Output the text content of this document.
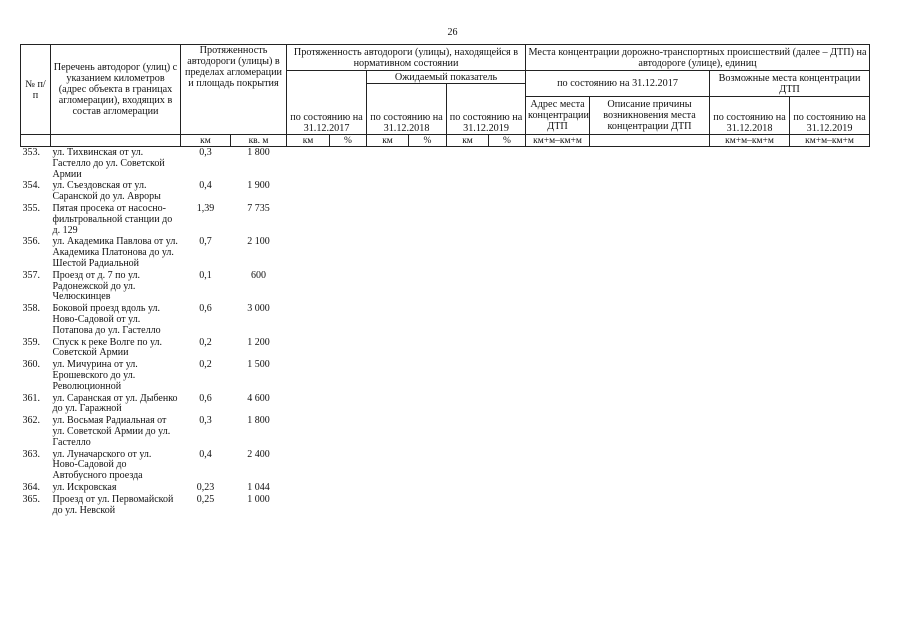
26
№ п/п	Перечень автодорог (улиц) с указанием километров (адрес объекта в границах агломерации), входящих в состав агломерации	Протяженность автодороги (улицы) в пределах агломерации и площадь покрытия		Протяженность автодороги (улицы), находящейся в нормативном состоянии						Места концентрации дорожно-транспортных происшествий (далее – ДТП) на автодороге (улице), единиц			
				по состоянию на 31.12.2017		Ожидаемый показатель				по состоянию на 31.12.2017		Возможные места концентрации ДТП	
						по состоянию на 31.12.2018		по состоянию на 31.12.2019					
										Адрес места концентрации ДТП	Описание причины возникновения места концентрации ДТП	по состоянию на 31.12.2018	по состоянию на 31.12.2019
		км	кв. м	км	%	км	%	км	%	км+м–км+м		км+м–км+м	км+м–км+м
353.	ул. Тихвинская от ул. Гастелло до ул. Советской Армии	0,3	1 800										
354.	ул. Съездовская от ул. Саранской до ул. Авроры	0,4	1 900										
355.	Пятая просека от насосно-фильтровальной станции до д. 129	1,39	7 735										
356.	ул. Академика Павлова от ул. Академика Платонова до ул. Шестой Радиальной	0,7	2 100										
357.	Проезд от д. 7 по ул. Радонежской до ул. Челюскинцев	0,1	600										
358.	Боковой проезд вдоль ул. Ново-Садовой от ул. Потапова до ул. Гастелло	0,6	3 000										
359.	Спуск к реке Волге по ул. Советской Армии	0,2	1 200										
360.	ул. Мичурина от ул. Ерошевского до ул. Революционной	0,2	1 500										
361.	ул. Саранская от ул. Дыбенко до ул. Гаражной	0,6	4 600										
362.	ул. Восьмая Радиальная от ул. Советской Армии до ул. Гастелло	0,3	1 800										
363.	ул. Луначарского от ул. Ново-Садовой до Автобусного проезда	0,4	2 400										
364.	ул. Искровская	0,23	1 044										
365.	Проезд от ул. Первомайской до ул. Невской	0,25	1 000										
